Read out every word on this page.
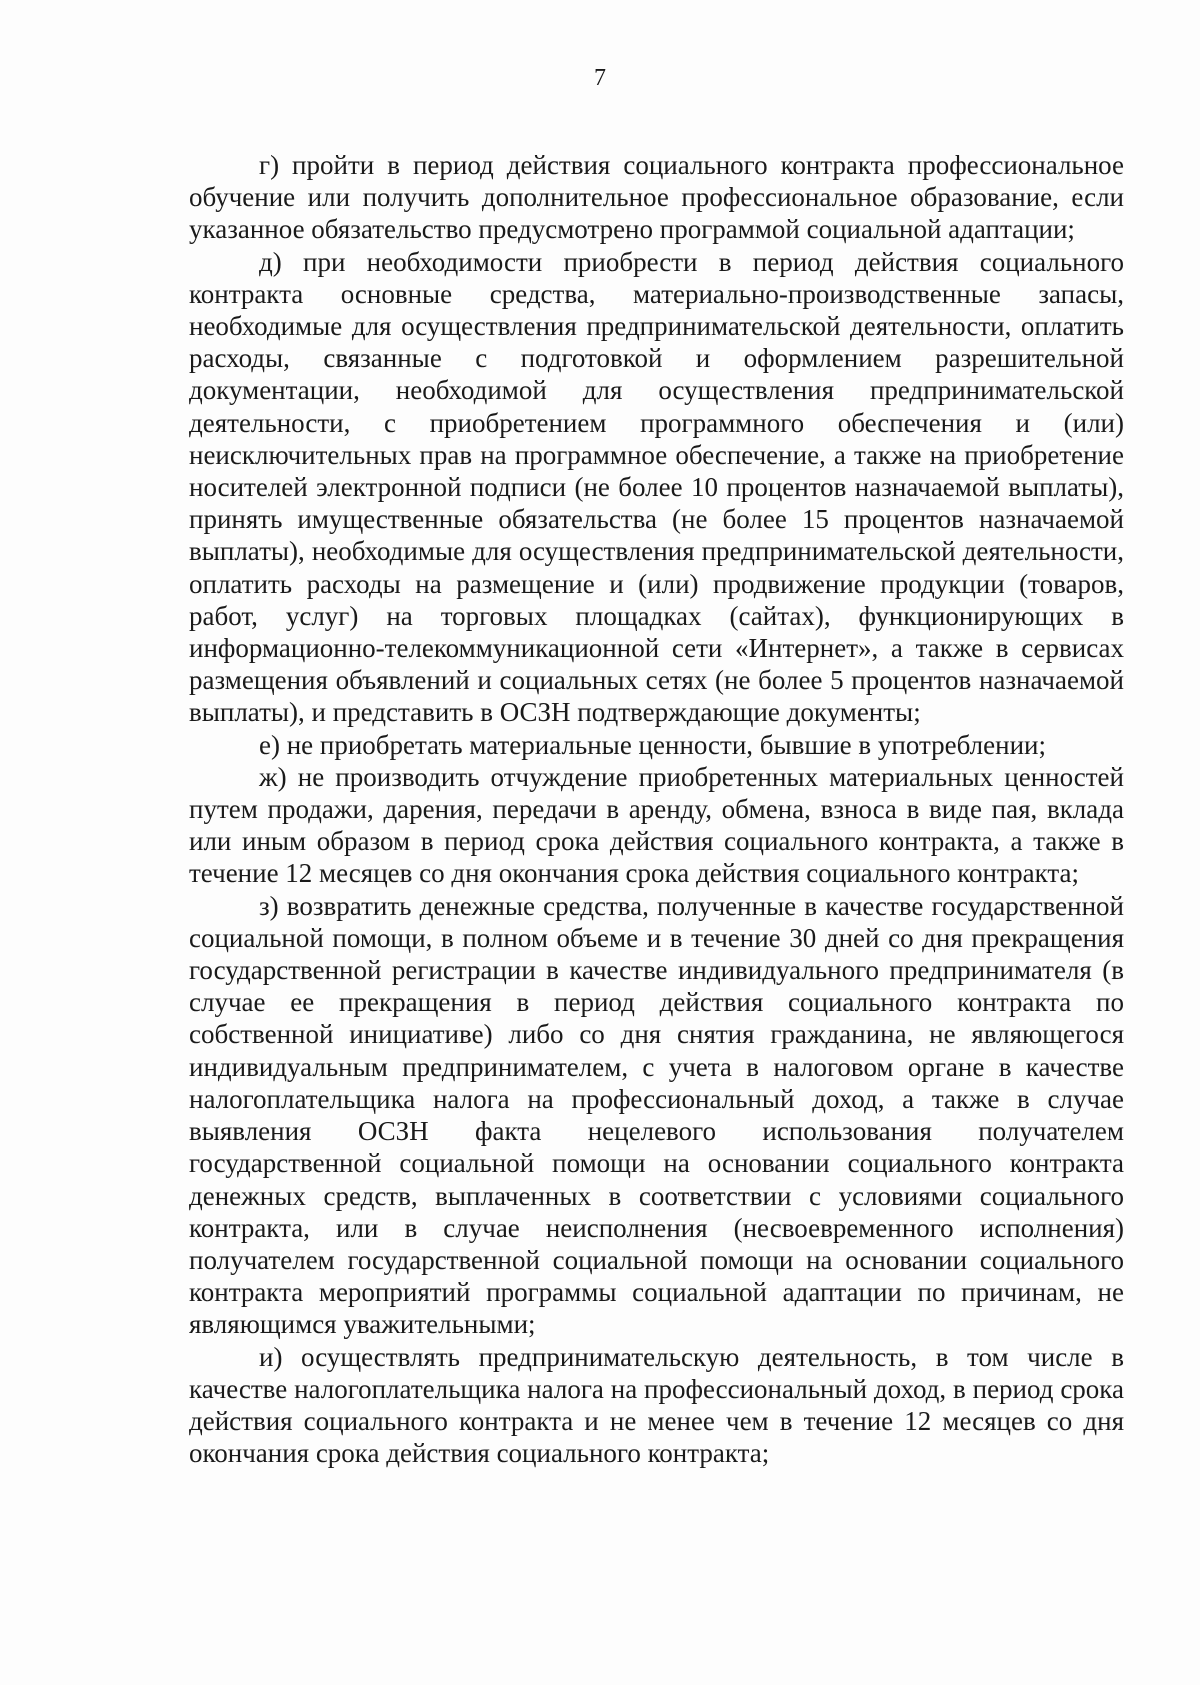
7

г) пройти в период действия социального контракта профессиональное обучение или получить дополнительное профессиональное образование, если указанное обязательство предусмотрено программой социальной адаптации;

д) при необходимости приобрести в период действия социального контракта основные средства, материально-производственные запасы, необходимые для осуществления предпринимательской деятельности, оплатить расходы, связанные с подготовкой и оформлением разрешительной документации, необходимой для осуществления предпринимательской деятельности, с приобретением программного обеспечения и (или) неисключительных прав на программное обеспечение, а также на приобретение носителей электронной подписи (не более 10 процентов назначаемой выплаты), принять имущественные обязательства (не более 15 процентов назначаемой выплаты), необходимые для осуществления предпринимательской деятельности, оплатить расходы на размещение и (или) продвижение продукции (товаров, работ, услуг) на торговых площадках (сайтах), функционирующих в информационно-телекоммуникационной сети «Интернет», а также в сервисах размещения объявлений и социальных сетях (не более 5 процентов назначаемой выплаты), и представить в ОСЗН подтверждающие документы;

е) не приобретать материальные ценности, бывшие в употреблении;

ж) не производить отчуждение приобретенных материальных ценностей путем продажи, дарения, передачи в аренду, обмена, взноса в виде пая, вклада или иным образом в период срока действия социального контракта, а также в течение 12 месяцев со дня окончания срока действия социального контракта;

з) возвратить денежные средства, полученные в качестве государственной социальной помощи, в полном объеме и в течение 30 дней со дня прекращения государственной регистрации в качестве индивидуального предпринимателя (в случае ее прекращения в период действия социального контракта по собственной инициативе) либо со дня снятия гражданина, не являющегося индивидуальным предпринимателем, с учета в налоговом органе в качестве налогоплательщика налога на профессиональный доход, а также в случае выявления ОСЗН факта нецелевого использования получателем государственной социальной помощи на основании социального контракта денежных средств, выплаченных в соответствии с условиями социального контракта, или в случае неисполнения (несвоевременного исполнения) получателем государственной социальной помощи на основании социального контракта мероприятий программы социальной адаптации по причинам, не являющимся уважительными;

и) осуществлять предпринимательскую деятельность, в том числе в качестве налогоплательщика налога на профессиональный доход, в период срока действия социального контракта и не менее чем в течение 12 месяцев со дня окончания срока действия социального контракта;
